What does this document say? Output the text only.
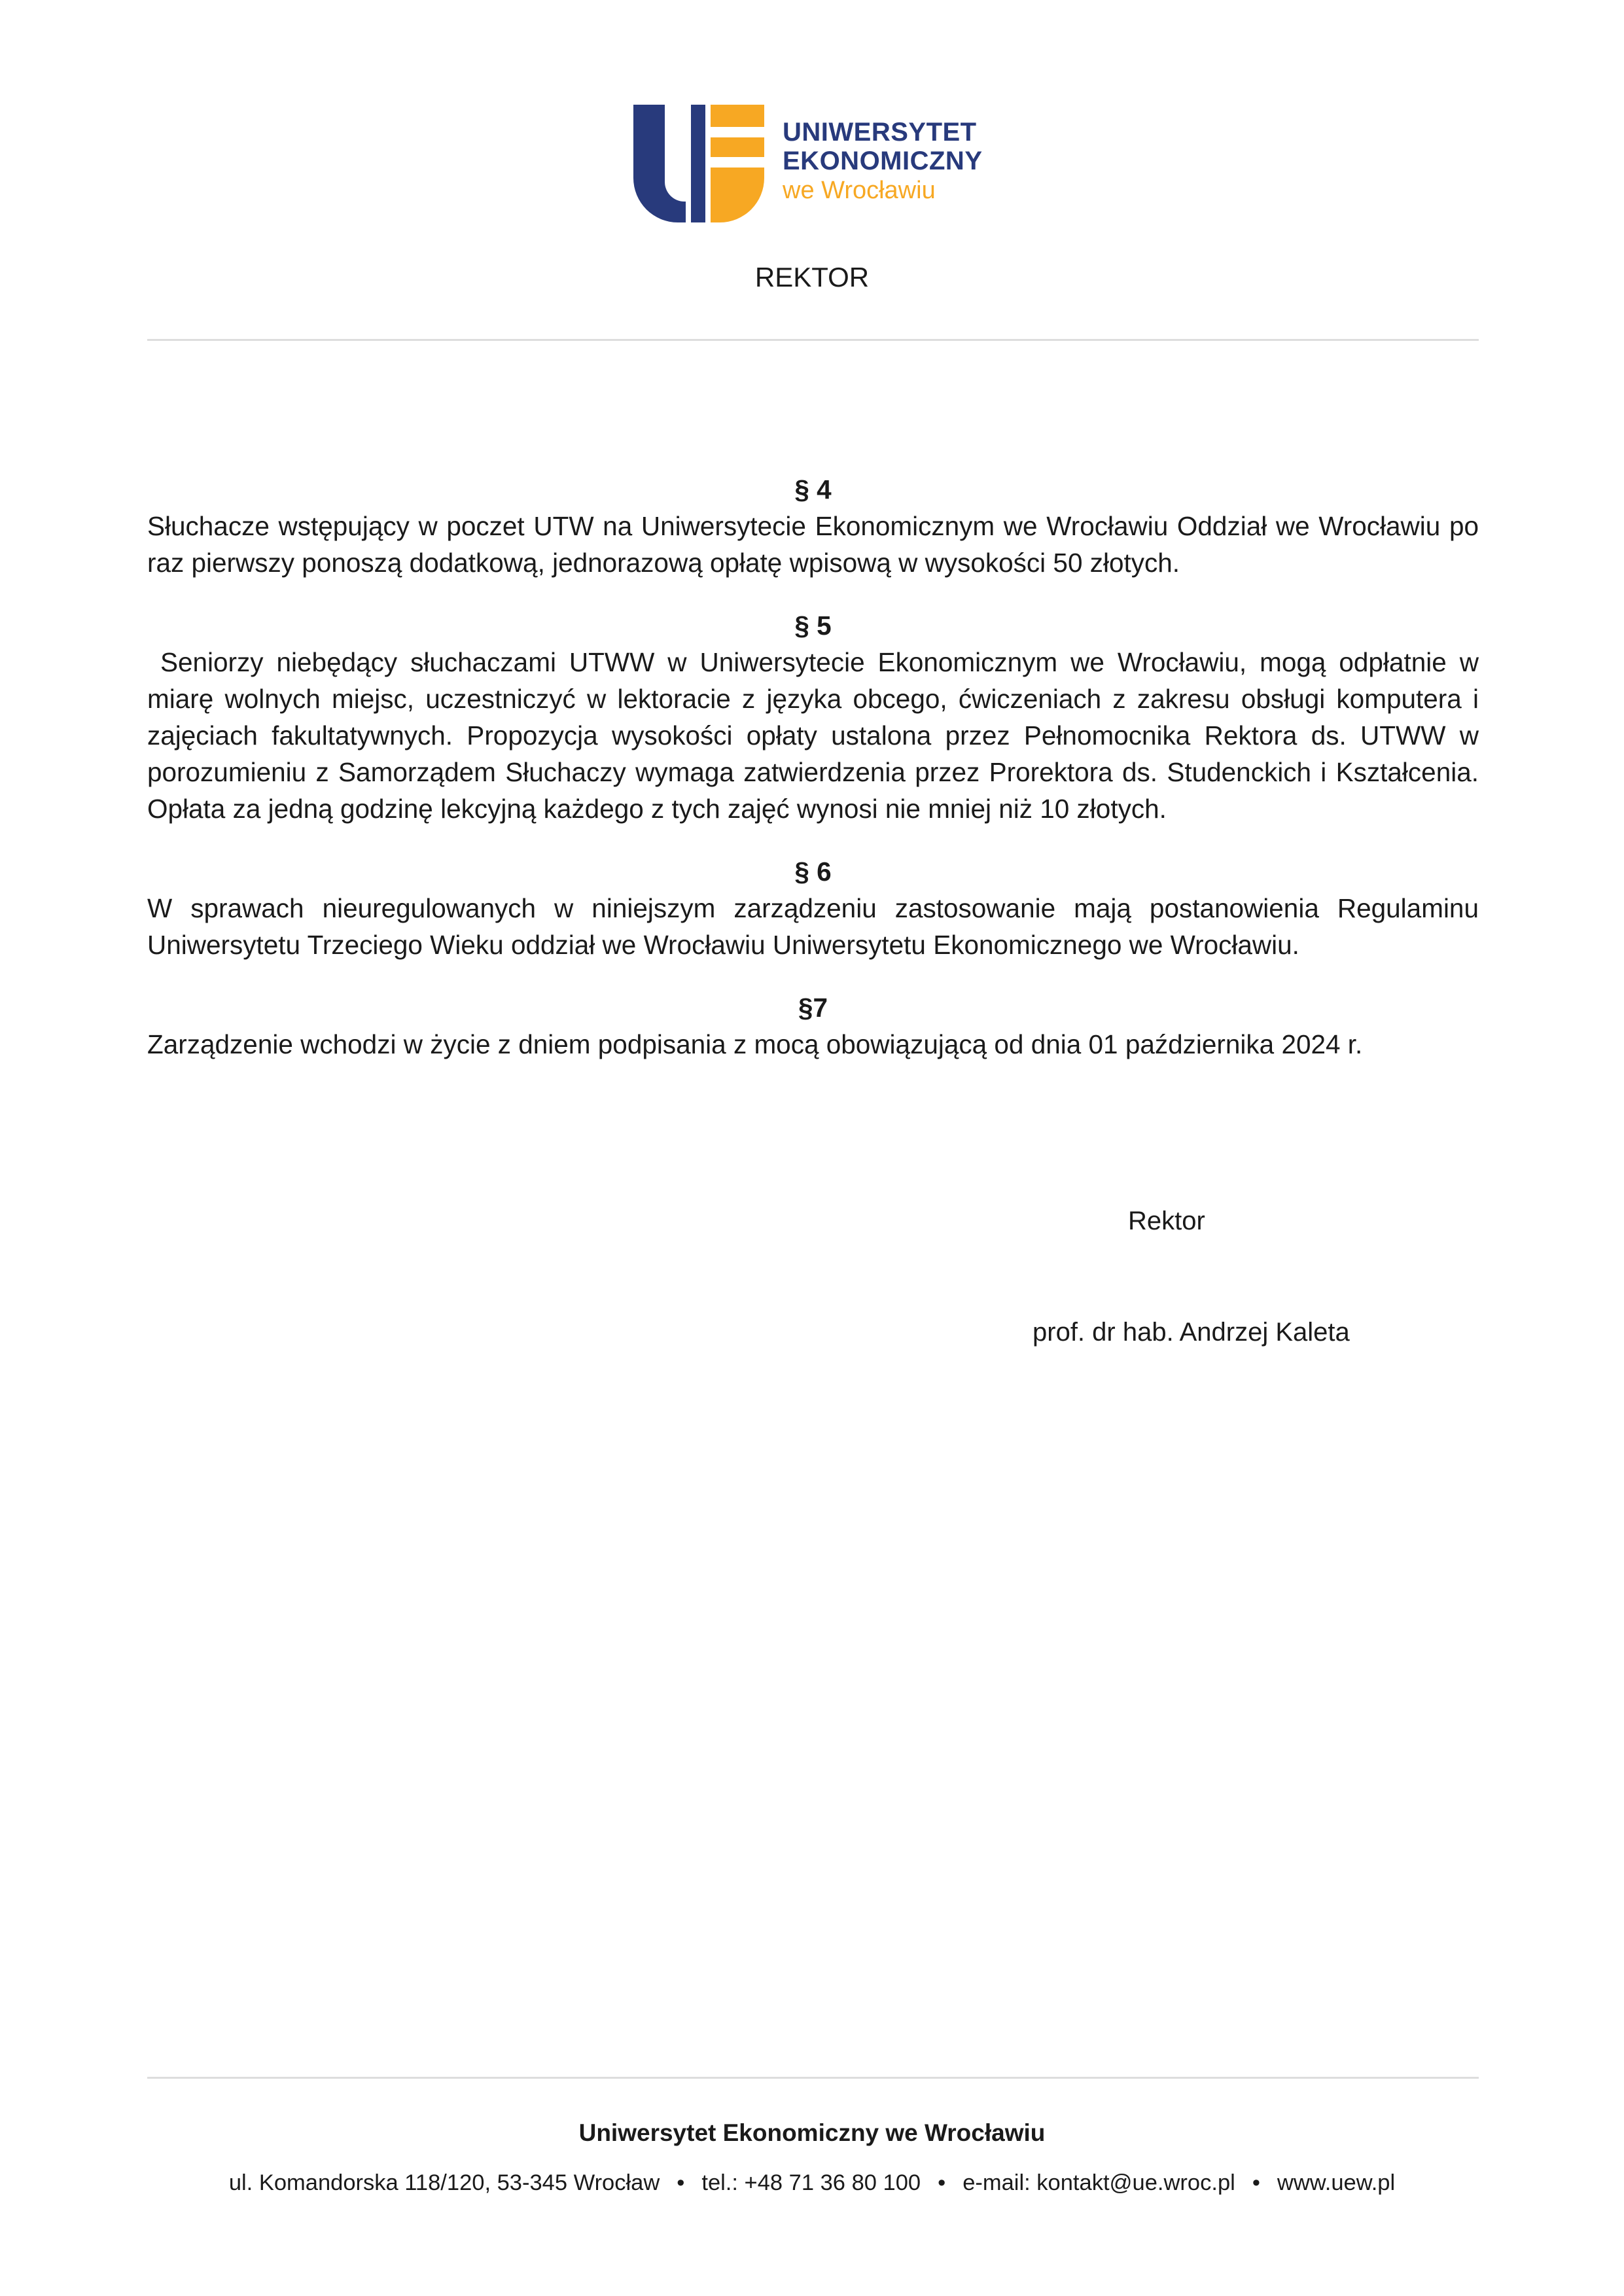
UNIWERSYTET
EKONOMICZNY
we Wrocławiu
REKTOR
§ 4
Słuchacze wstępujący w poczet UTW na Uniwersytecie Ekonomicznym we Wrocławiu Oddział we Wrocławiu po raz pierwszy ponoszą dodatkową, jednorazową opłatę wpisową w wysokości 50 złotych.
§ 5
Seniorzy niebędący słuchaczami UTWW w Uniwersytecie Ekonomicznym we Wrocławiu, mogą odpłatnie w miarę wolnych miejsc, uczestniczyć w lektoracie z języka obcego, ćwiczeniach z zakresu obsługi komputera i zajęciach fakultatywnych. Propozycja wysokości opłaty ustalona przez Pełnomocnika Rektora ds. UTWW w porozumieniu z Samorządem Słuchaczy wymaga zatwierdzenia przez Prorektora ds. Studenckich i Kształcenia. Opłata za jedną godzinę lekcyjną każdego z tych zajęć wynosi nie mniej niż 10 złotych.
§ 6
W sprawach nieuregulowanych w niniejszym zarządzeniu zastosowanie mają postanowienia Regulaminu Uniwersytetu Trzeciego Wieku oddział we Wrocławiu Uniwersytetu Ekonomicznego we Wrocławiu.
§7
Zarządzenie wchodzi w życie z dniem podpisania z mocą obowiązującą od dnia 01 października 2024 r.
Rektor
prof. dr hab. Andrzej Kaleta
Uniwersytet Ekonomiczny we Wrocławiu
ul. Komandorska 118/120, 53-345 Wrocław • tel.: +48 71 36 80 100 • e-mail: kontakt@ue.wroc.pl • www.uew.pl
